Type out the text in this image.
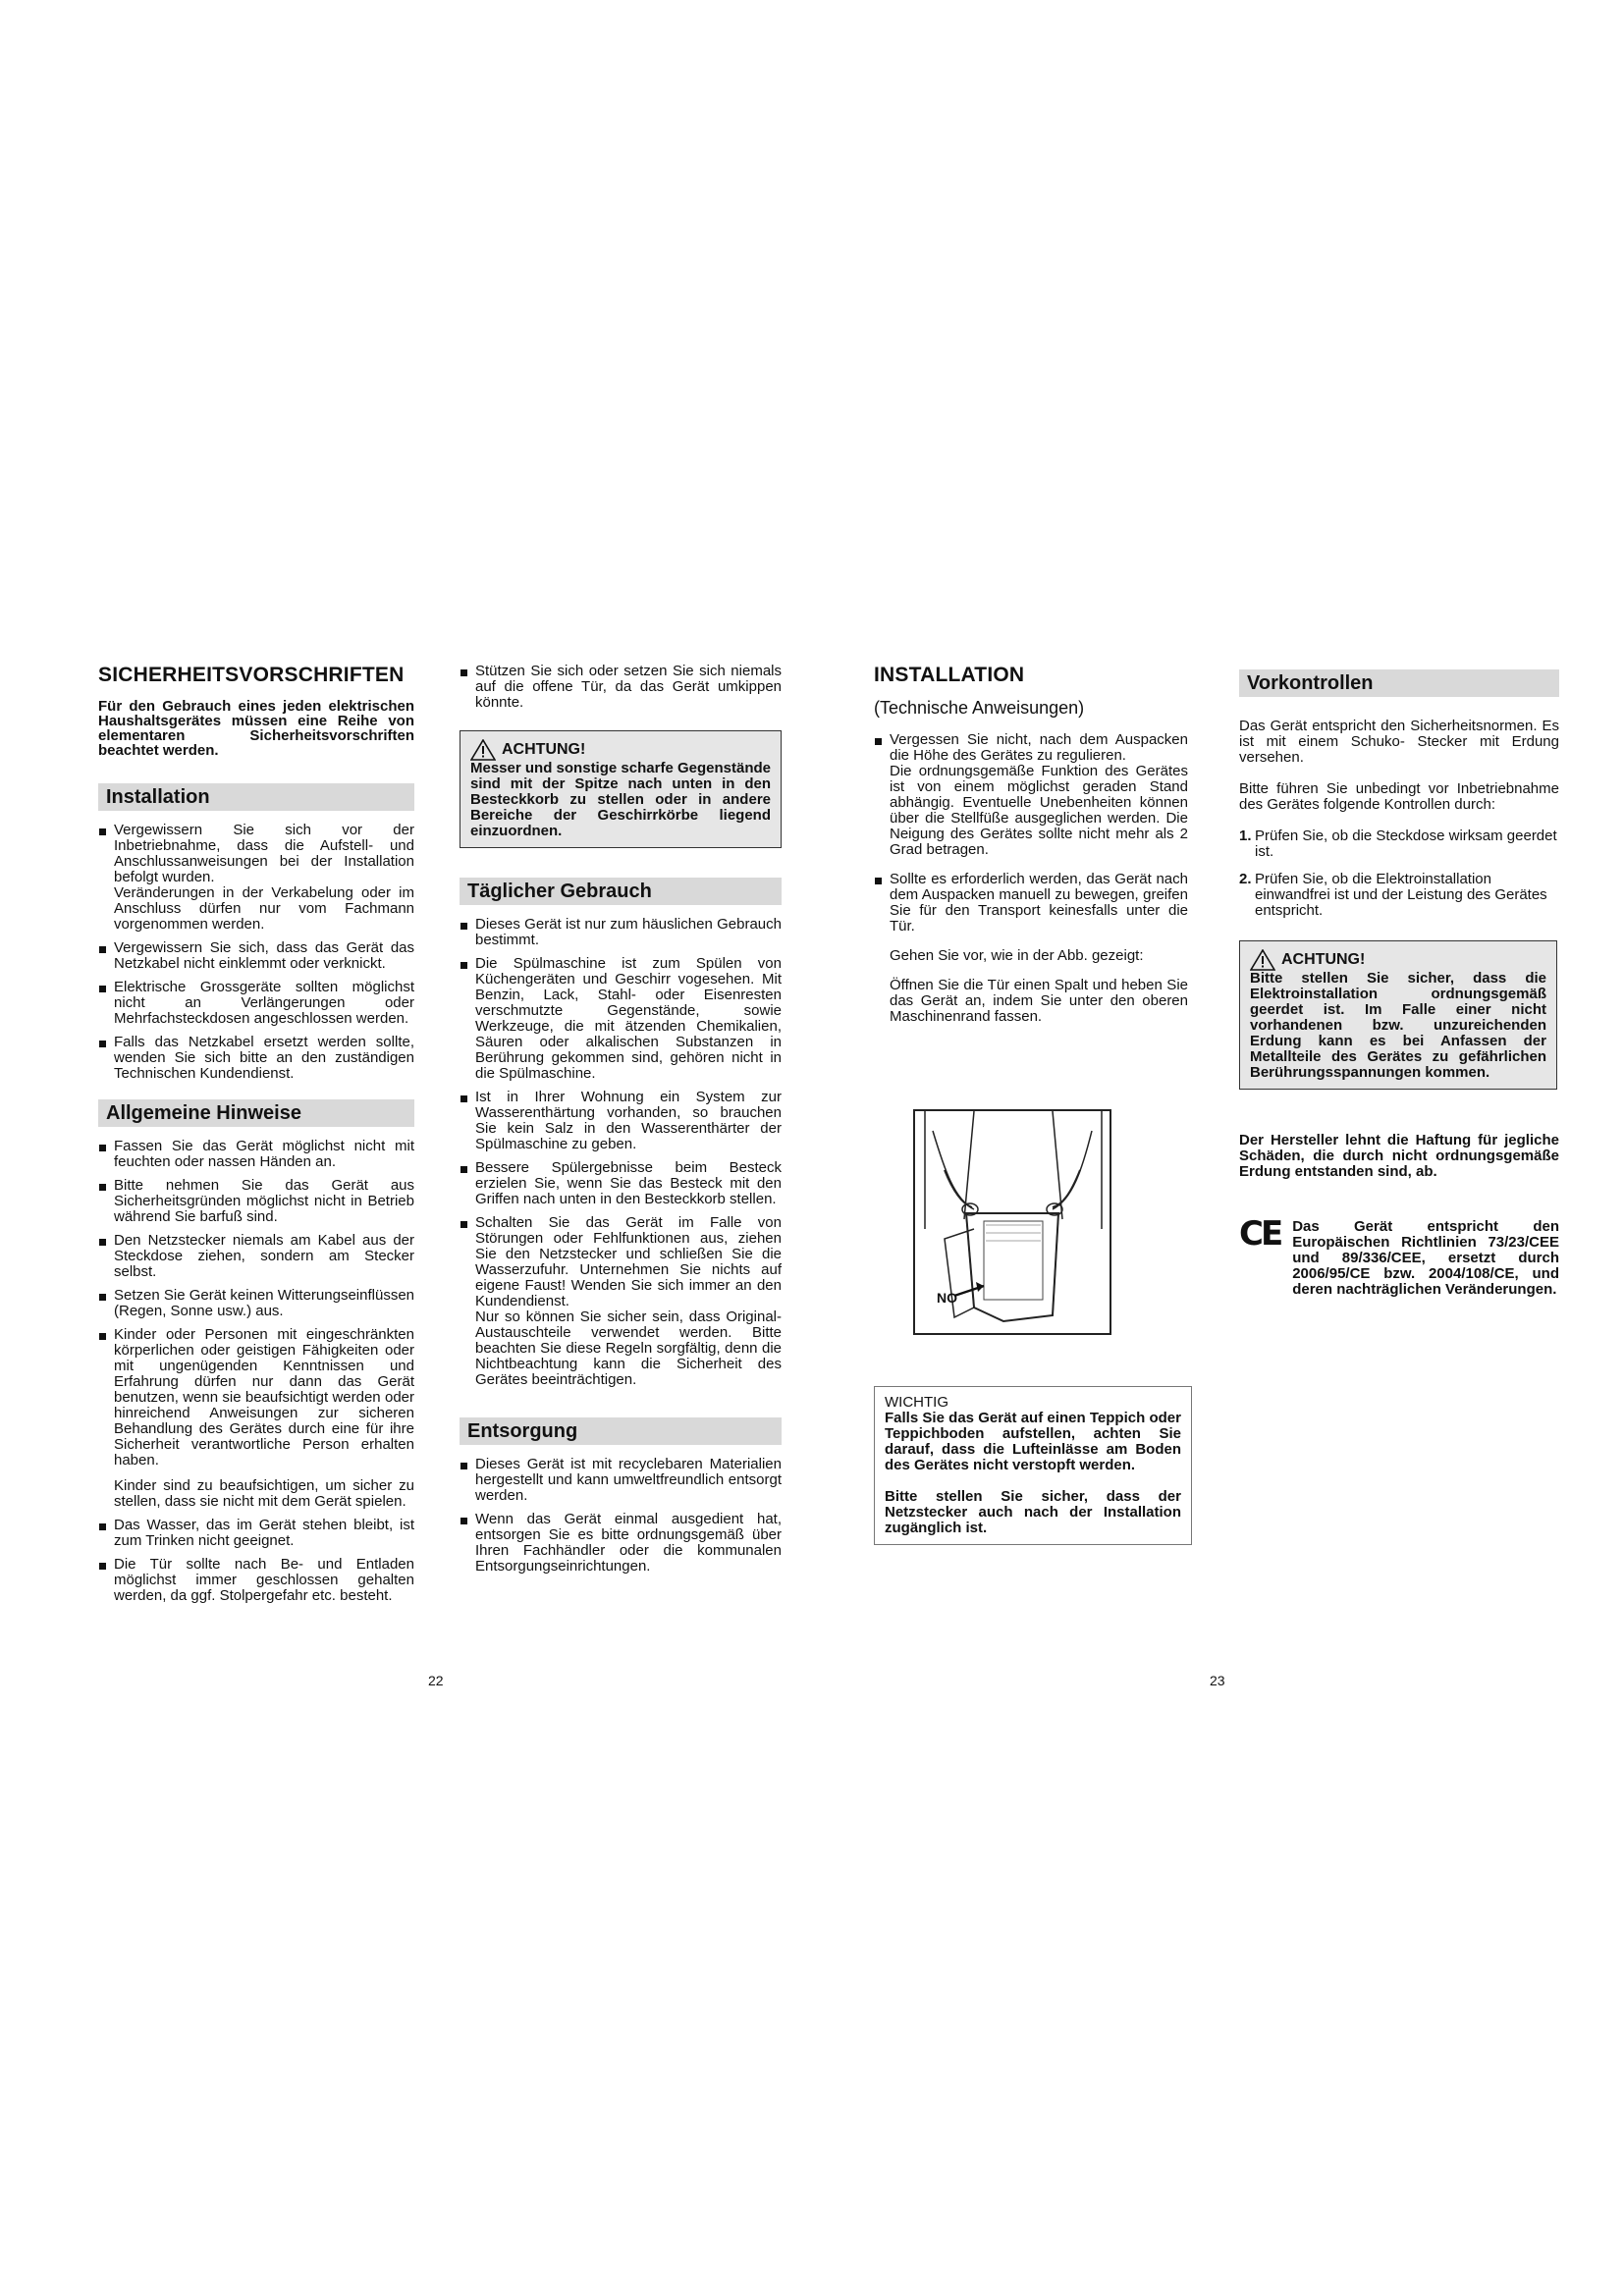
SICHERHEITSVORSCHRIFTEN

Für den Gebrauch eines jeden elektrischen Haushaltsgerätes müssen eine Reihe von elementaren Sicherheitsvorschriften beachtet werden.

Installation
Vergewissern Sie sich vor der Inbetriebnahme, dass die Aufstell- und Anschlussanweisungen bei der Installation befolgt wurden.

Veränderungen in der Verkabelung oder im Anschluss dürfen nur vom Fachmann vorgenommen werden.

Vergewissern Sie sich, dass das Gerät das Netzkabel nicht einklemmt oder verknickt.
Elektrische Grossgeräte sollten möglichst nicht an Verlängerungen oder Mehrfachsteckdosen angeschlossen werden.
Falls das Netzkabel ersetzt werden sollte, wenden Sie sich bitte an den zuständigen Technischen Kundendienst.
Allgemeine Hinweise
Fassen Sie das Gerät möglichst nicht mit feuchten oder nassen Händen an.
Bitte nehmen Sie das Gerät aus Sicherheitsgründen möglichst nicht in Betrieb während Sie barfuß sind.
Den Netzstecker niemals am Kabel aus der Steckdose ziehen, sondern am Stecker selbst.
Setzen Sie Gerät keinen Witterungseinflüssen (Regen, Sonne usw.) aus.
Kinder oder Personen mit eingeschränkten körperlichen oder geistigen Fähigkeiten oder mit ungenügenden Kenntnissen und Erfahrung dürfen nur dann das Gerät benutzen, wenn sie beaufsichtigt werden oder hinreichend Anweisungen zur sicheren Behandlung des Gerätes durch eine für ihre Sicherheit verantwortliche Person erhalten haben.

Kinder sind zu beaufsichtigen, um sicher zu stellen, dass sie nicht mit dem Gerät spielen.

Das Wasser, das im Gerät stehen bleibt, ist zum Trinken nicht geeignet.
Die Tür sollte nach Be- und Entladen möglichst immer geschlossen gehalten werden, da ggf. Stolpergefahr etc. besteht.
Stützen Sie sich oder setzen Sie sich niemals auf die offene Tür, da das Gerät umkippen könnte.
ACHTUNG!

Messer und sonstige scharfe Gegenstände sind mit der Spitze nach unten in den Besteckkorb zu stellen oder in andere Bereiche der Geschirrkörbe liegend einzuordnen.

Täglicher Gebrauch
Dieses Gerät ist nur zum häuslichen Gebrauch bestimmt.
Die Spülmaschine ist zum Spülen von Küchengeräten und Geschirr vogesehen. Mit Benzin, Lack, Stahl- oder Eisenresten verschmutzte Gegenstände, sowie Werkzeuge, die mit ätzenden Chemikalien, Säuren oder alkalischen Substanzen in Berührung gekommen sind, gehören nicht in die Spülmaschine.
Ist in Ihrer Wohnung ein System zur Wasserenthärtung vorhanden, so brauchen Sie kein Salz in den Wasserenthärter der Spülmaschine zu geben.
Bessere Spülergebnisse beim Besteck erzielen Sie, wenn Sie das Besteck mit den Griffen nach unten in den Besteckkorb stellen.
Schalten Sie das Gerät im Falle von Störungen oder Fehlfunktionen aus, ziehen Sie den Netzstecker und schließen Sie die Wasserzufuhr. Unternehmen Sie nichts auf eigene Faust! Wenden Sie sich immer an den Kundendienst.

Nur so können Sie sicher sein, dass Original-Austauschteile verwendet werden. Bitte beachten Sie diese Regeln sorgfältig, denn die Nichtbeachtung kann die Sicherheit des Gerätes beeinträchtigen.

Entsorgung
Dieses Gerät ist mit recyclebaren Materialien hergestellt und kann umweltfreundlich entsorgt werden.
Wenn das Gerät einmal ausgedient hat, entsorgen Sie es bitte ordnungsgemäß über Ihren Fachhändler oder die kommunalen Entsorgungseinrichtungen.
22
INSTALLATION
(Technische Anweisungen)
Vergessen Sie nicht, nach dem Auspacken die Höhe des Gerätes zu regulieren.

Die ordnungsgemäße Funktion des Gerätes ist von einem möglichst geraden Stand abhängig. Eventuelle Unebenheiten können über die Stellfüße ausgeglichen werden. Die Neigung des Gerätes sollte nicht mehr als 2 Grad betragen.

Sollte es erforderlich werden, das Gerät nach dem Auspacken manuell zu bewegen, greifen Sie für den Transport keinesfalls unter die Tür.

Gehen Sie vor, wie in der Abb. gezeigt:

Öffnen Sie die Tür einen Spalt und heben Sie das Gerät an, indem Sie unter den oberen Maschinenrand fassen.

NO
WICHTIG

Falls Sie das Gerät auf einen Teppich oder Teppichboden aufstellen, achten Sie darauf, dass die Lufteinlässe am Boden des Gerätes nicht verstopft werden.

Bitte stellen Sie sicher, dass der Netzstecker auch nach der Installation zugänglich ist.

Vorkontrollen

Das Gerät entspricht den Sicherheitsnormen. Es ist mit einem Schuko- Stecker mit Erdung versehen.

Bitte führen Sie unbedingt vor Inbetriebnahme des Gerätes folgende Kontrollen durch:

1. Prüfen Sie, ob die Steckdose wirksam geerdet ist.
2. Prüfen Sie, ob die Elektroinstallation einwandfrei ist und der Leistung des Gerätes entspricht.
ACHTUNG!

Bitte stellen Sie sicher, dass die Elektroinstallation ordnungsgemäß geerdet ist. Im Falle einer nicht vorhandenen bzw. unzureichenden Erdung kann es bei Anfassen der Metallteile des Gerätes zu gefährlichen Berührungsspannungen kommen.

Der Hersteller lehnt die Haftung für jegliche Schäden, die durch nicht ordnungsgemäße Erdung entstanden sind, ab.

CE Das Gerät entspricht den Europäischen Richtlinien 73/23/CEE und 89/336/CEE, ersetzt durch 2006/95/CE bzw. 2004/108/CE, und deren nachträglichen Veränderungen.

23
